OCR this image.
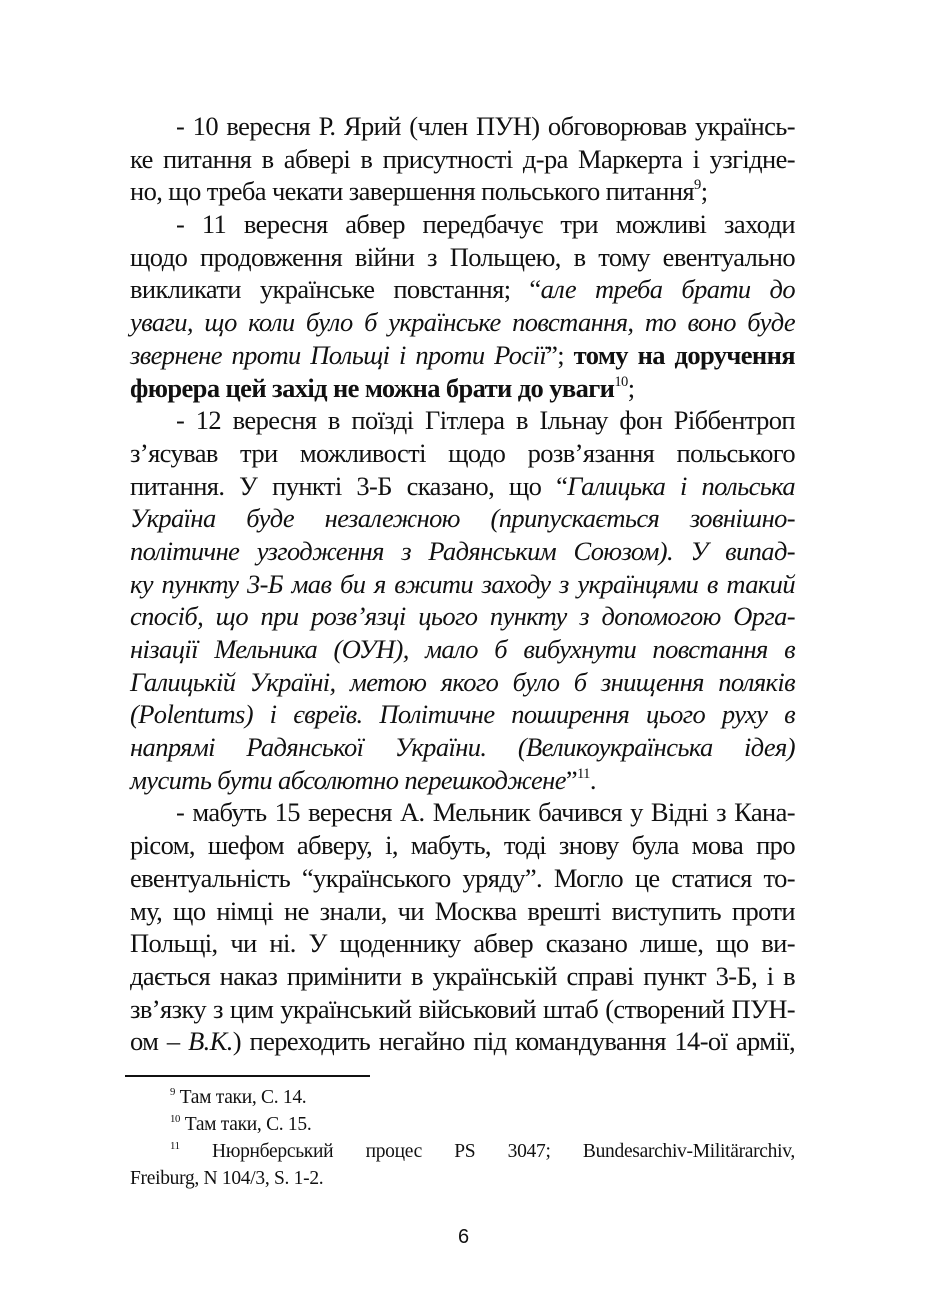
- 10 вересня Р. Ярий (член ПУН) обговорював українсь-
ке питання в абвері в присутності д-ра Маркерта і узгідне-
но, що треба чекати завершення польського питання$^9$;
- 11 вересня абвер передбачує три можливі заходи
щодо продовження війни з Польщею, в тому евентуально
викликати українське повстання; “але треба брати до
уваги, що коли було б українське повстання, то воно буде
звернене проти Польщі і проти Росії”; тому на доручення
фюрера цей захід не можна брати до уваги$^{10}$;
- 12 вересня в поїзді Гітлера в Ільнау фон Ріббентроп
з’ясував три можливості щодо розв’язання польського
питання. У пункті 3-Б сказано, що “Галицька і польська
Україна буде незалежною (припускається зовнішно-
політичне узгодження з Радянським Союзом). У випад-
ку пункту 3-Б мав би я вжити заходу з українцями в такий
спосіб, що при розв’язці цього пункту з допомогою Орга-
нізації Мельника (ОУН), мало б вибухнути повстання в
Галицькій Україні, метою якого було б знищення поляків
(Polentums) і євреїв. Політичне поширення цього руху в
напрямі Радянської України. (Великоукраїнська ідея)
мусить бути абсолютно перешкоджене”$^{11}$.
- мабуть 15 вересня А. Мельник бачився у Відні з Кана-
рісом, шефом абверу, і, мабуть, тоді знову була мова про
евентуальність “українського уряду”. Могло це статися то-
му, що німці не знали, чи Москва врешті виступить проти
Польщі, чи ні. У щоденнику абвер сказано лише, що ви-
дається наказ примінити в українській справі пункт 3-Б, і в
зв’язку з цим український військовий штаб (створений ПУН-
ом – В.К.) переходить негайно під командування 14-ої армії,
$^9$ Там таки, С. 14.
$^{10}$ Там таки, С. 15.
$^{11}$ Нюрнберський процес PS 3047; Bundesarchiv-Militärarchiv,
Freiburg, N 104/3, S. 1-2.
6
